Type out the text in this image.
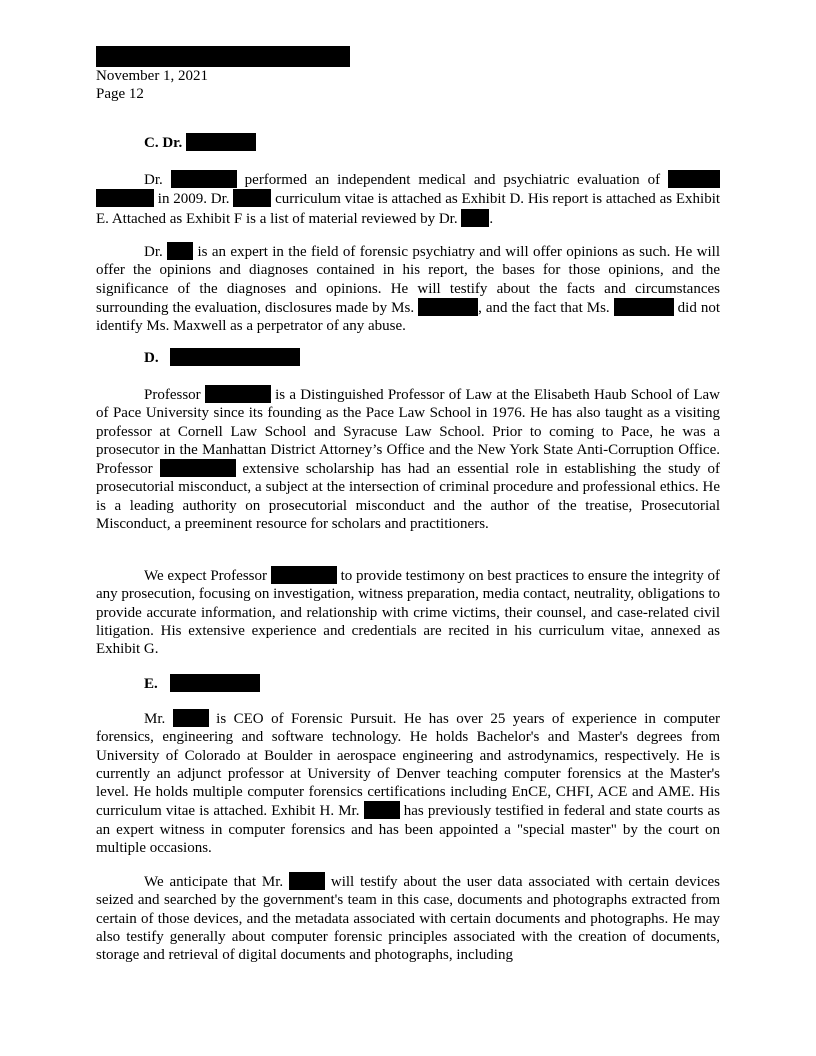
November 1, 2021
Page 12
C. Dr.

Dr.	performed an independent medical and psychiatric evaluation of   in 2009. Dr.	curriculum vitae is attached as Exhibit D. His report is attached as Exhibit E. Attached as Exhibit F is a list of material reviewed by Dr. .

Dr. is an expert in the field of forensic psychiatry and will offer opinions as such. He will offer the opinions and diagnoses contained in his report, the bases for those opinions, and the significance of the diagnoses and opinions. He will testify about the facts and circumstances surrounding the evaluation, disclosures made by Ms.	, and the fact that Ms.	did not identify Ms. Maxwell as a perpetrator of any abuse.

D.

Professor	is a Distinguished Professor of Law at the Elisabeth Haub School of Law of Pace University since its founding as the Pace Law School in 1976. He has also taught as a visiting professor at Cornell Law School and Syracuse Law School. Prior to coming to Pace, he was a prosecutor in the Manhattan District Attorney’s Office and the New York State Anti-Corruption Office. Professor	extensive scholarship has had an essential role in establishing the study of prosecutorial misconduct, a subject at the intersection of criminal procedure and professional ethics. He is a leading authority on prosecutorial misconduct and the author of the treatise, Prosecutorial Misconduct, a preeminent resource for scholars and practitioners.

We expect Professor	to provide testimony on best practices to ensure the integrity of any prosecution, focusing on investigation, witness preparation, media contact, neutrality, obligations to provide accurate information, and relationship with crime victims, their counsel, and case-related civil litigation. His extensive experience and credentials are recited in his curriculum vitae, annexed as Exhibit G.

E.

Mr.	is CEO of Forensic Pursuit. He has over 25 years of experience in computer forensics, engineering and software technology. He holds Bachelor's and Master's degrees from University of Colorado at Boulder in aerospace engineering and astrodynamics, respectively. He is currently an adjunct professor at University of Denver teaching computer forensics at the Master's level. He holds multiple computer forensics certifications including EnCE, CHFI, ACE and AME. His curriculum vitae is attached. Exhibit H. Mr.	has previously testified in federal and state courts as an expert witness in computer forensics and has been appointed a "special master" by the court on multiple occasions.

We anticipate that Mr.	will testify about the user data associated with certain devices seized and searched by the government's team in this case, documents and photographs extracted from certain of those devices, and the metadata associated with certain documents and photographs. He may also testify generally about computer forensic principles associated with the creation of documents, storage and retrieval of digital documents and photographs, including
